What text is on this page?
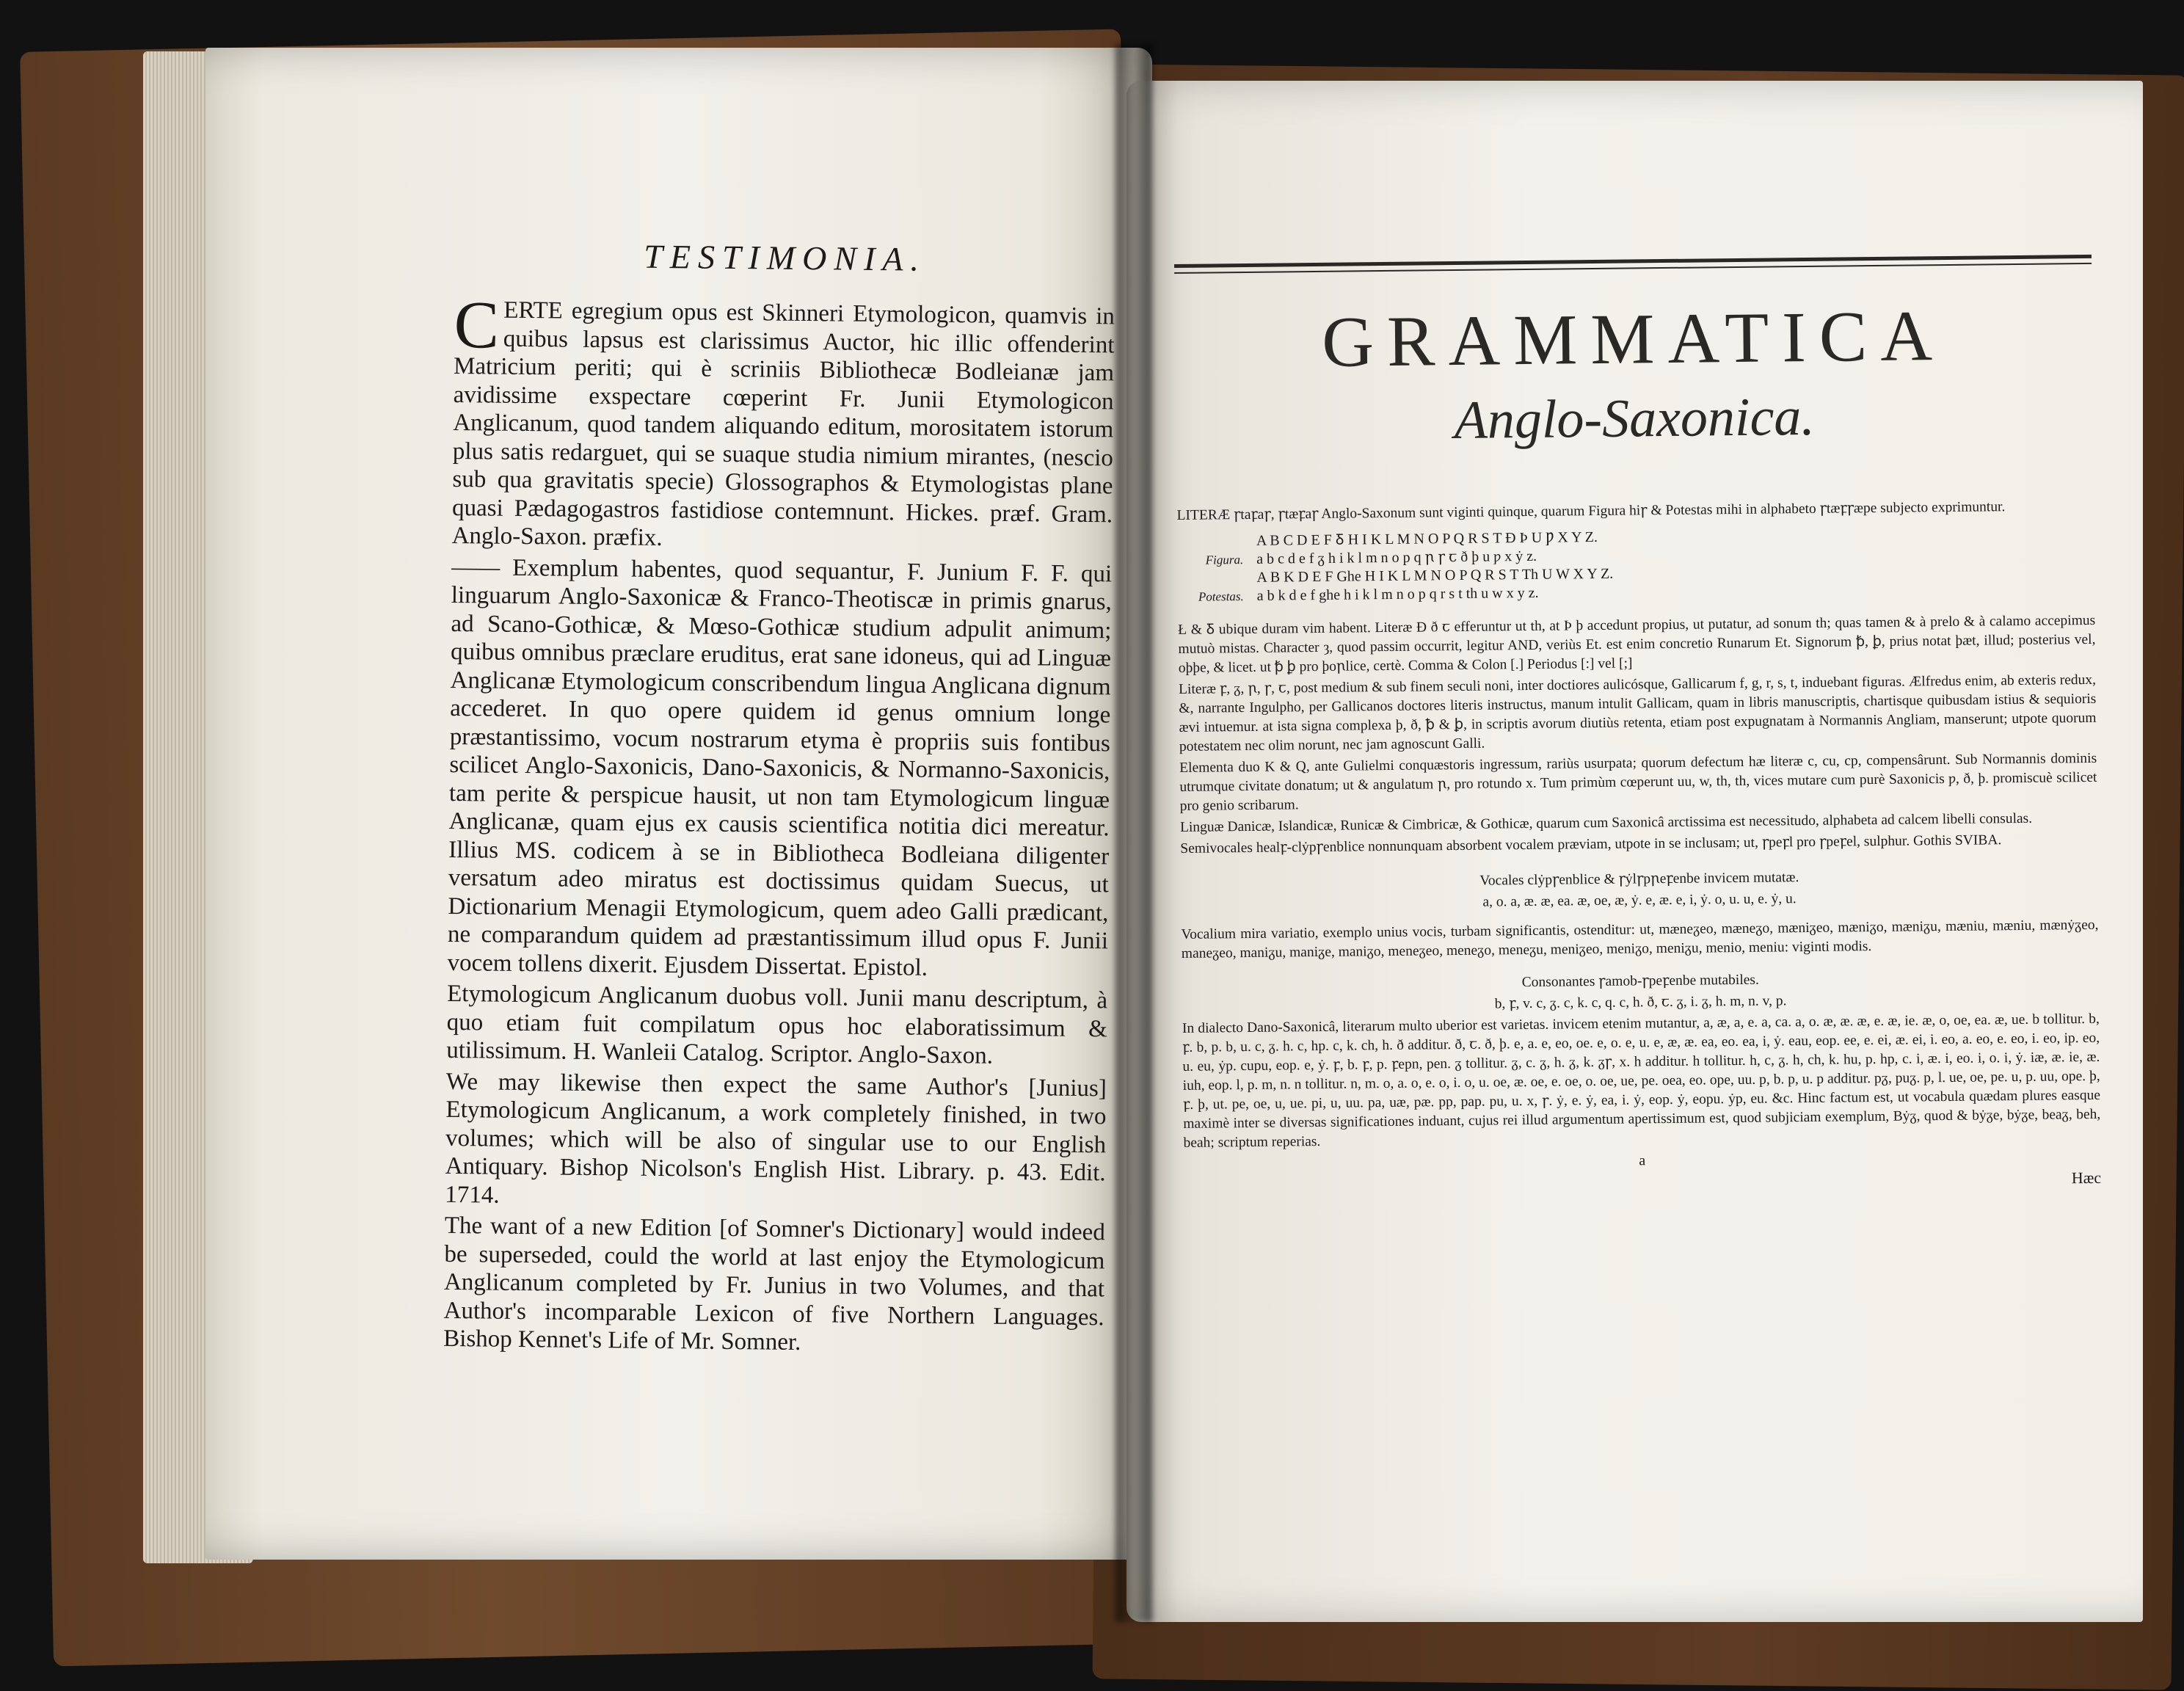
TESTIMONIA.

CERTE egregium opus est Skinneri Etymologicon, quamvis in quibus lapsus est clarissimus Auctor, hic illic offenderint Matricium periti; qui è scriniis Bibliothecæ Bodleianæ jam avidissime exspectare cœperint Fr. Junii Etymologicon Anglicanum, quod tandem aliquando editum, morositatem istorum plus satis redarguet, qui se suaque studia nimium mirantes, (nescio sub qua gravitatis specie) Glossographos & Etymologistas plane quasi Pædagogastros fastidiose contemnunt. Hickes. præf. Gram. Anglo-Saxon. præfix.

—— Exemplum habentes, quod sequantur, F. Junium F. F. qui linguarum Anglo-Saxonicæ & Franco-Theotiscæ in primis gnarus, ad Scano-Gothicæ, & Mœso-Gothicæ studium adpulit animum; quibus omnibus præclare eruditus, erat sane idoneus, qui ad Linguæ Anglicanæ Etymologicum conscribendum lingua Anglicana dignum accederet. In quo opere quidem id genus omnium longe præstantissimo, vocum nostrarum etyma è propriis suis fontibus scilicet Anglo-Saxonicis, Dano-Saxonicis, & Normanno-Saxonicis, tam perite & perspicue hausit, ut non tam Etymologicum linguæ Anglicanæ, quam ejus ex causis scientifica notitia dici mereatur. Illius MS. codicem à se in Bibliotheca Bodleiana diligenter versatum adeo miratus est doctissimus quidam Suecus, ut Dictionarium Menagii Etymologicum, quem adeo Galli prædicant, ne comparandum quidem ad præstantissimum illud opus F. Junii vocem tollens dixerit. Ejusdem Dissertat. Epistol.

Etymologicum Anglicanum duobus voll. Junii manu descriptum, à quo etiam fuit compilatum opus hoc elaboratissimum & utilissimum. H. Wanleii Catalog. Scriptor. Anglo-Saxon.

We may likewise then expect the same Author's [Junius] Etymologicum Anglicanum, a work completely finished, in two volumes; which will be also of singular use to our English Antiquary. Bishop Nicolson's English Hist. Library. p. 43. Edit. 1714.

The want of a new Edition [of Somner's Dictionary] would indeed be superseded, could the world at last enjoy the Etymologicum Anglicanum completed by Fr. Junius in two Volumes, and that Author's incomparable Lexicon of five Northern Languages. Bishop Kennet's Life of Mr. Somner.

GRAMMATICA
Anglo-Saxonica.

LITERÆ ꞅtaꝼaꞅ, ꞅtæꝼaꞅ Anglo-Saxonum sunt viginti quinque, quarum Figura hiꞅ & Potestas mihi in alphabeto ꞅtæꝼꞅæpe subjecto exprimuntur.

A B C D E F Ᵹ H I K L M N O P Q R S T Ð Þ U Ƿ X Y Z.
Figura. a b c d e f ᵹ h i k l m n o p q ꞃ ꞅ ꞇ ð þ u ƿ x ẏ z.
A B K D E F Ghe H I K L M N O P Q R S T Th U W X Y Z.
Potestas. a b k d e f ghe h i k l m n o p q r s t th u w x y z.

Ł & Ᵹ ubique duram vim habent. Literæ Ð ð ꞇ efferuntur ut th, at Þ þ accedunt propius, ut putatur, ad sonum th; quas tamen & à prelo & à calamo accepimus mutuò mistas. Character ȝ, quod passim occurrit, legitur AND, veriùs Et. est enim concretio Runarum Et. Signorum ꝥ, ꝧ, prius notat þæt, illud; posterius vel, oþþe, & licet. ut ꝥ ꝧ pro þoꞃlice, certè. Comma & Colon [.] Periodus [:] vel [;]

Literæ ꝼ, ᵹ, ꞃ, ꞅ, ꞇ, post medium & sub finem seculi noni, inter doctiores aulicósque, Gallicarum f, g, r, s, t, induebant figuras. Ælfredus enim, ab exteris redux, &, narrante Ingulpho, per Gallicanos doctores literis instructus, manum intulit Gallicam, quam in libris manuscriptis, chartisque quibusdam istius & sequioris ævi intuemur. at ista signa complexa þ, ð, ꝥ & ꝧ, in scriptis avorum diutiùs retenta, etiam post expugnatam à Normannis Angliam, manserunt; utpote quorum potestatem nec olim norunt, nec jam agnoscunt Galli.

Elementa duo K & Q, ante Gulielmi conquæstoris ingressum, rariùs usurpata; quorum defectum hæ literæ c, cu, cp, compensârunt. Sub Normannis dominis utrumque civitate donatum; ut & angulatum ꞃ, pro rotundo x. Tum primùm cœperunt uu, w, th, th, vices mutare cum purè Saxonicis ƿ, ð, þ. promiscuè scilicet pro genio scribarum.

Linguæ Danicæ, Islandicæ, Runicæ & Cimbricæ, & Gothicæ, quarum cum Saxonicâ arctissima est necessitudo, alphabeta ad calcem libelli consulas.

Semivocales healꝼ-clẏpꞅenblice nonnunquam absorbent vocalem præviam, utpote in se inclusam; ut, ꞅpeꝼl pro ꞅpeꝼel, sulphur. Gothis SVIBA.

Vocales clẏpꞅenblice & ꞅẏlꞅpꞃeꝼenbe invicem mutatæ.

a, o. a, æ. æ, ea. æ, oe, æ, ẏ. e, æ. e, i, ẏ. o, u. u, e. ẏ, u.

Vocalium mira variatio, exemplo unius vocis, turbam significantis, ostenditur: ut, mæneᵹeo, mæneᵹo, mæniᵹeo, mæniᵹo, mæniᵹu, mæniu, mæniu, mænẏᵹeo, maneᵹeo, maniᵹu, maniᵹe, maniᵹo, meneᵹeo, meneᵹo, meneᵹu, meniᵹeo, meniᵹo, meniᵹu, menio, meniu: viginti modis.

Consonantes ꞅamob-ꞅpeꝼenbe mutabiles.

b, ꝼ, v. c, ᵹ. c, k. c, q. c, h. ð, ꞇ. ᵹ, i. ᵹ, h. m, n. v, p.

In dialecto Dano-Saxonicâ, literarum multo uberior est varietas. invicem etenim mutantur, a, æ, a, e. a, ca. a, o. æ, æ. æ, e. æ, ie. æ, o, oe, ea. æ, ue. b tollitur. b, ꝼ. b, p. b, u. c, ᵹ. h. c, hp. c, k. ch, h. ð additur. ð, ꞇ. ð, þ. e, a. e, eo, oe. e, o. e, u. e, æ, æ. ea, eo. ea, i, ẏ. eau, eop. ee, e. ei, æ. ei, i. eo, a. eo, e. eo, i. eo, ip. eo, u. eu, ẏp. cupu, eop. e, ẏ. ꝼ, b. ꝼ, p. ꝼepn, pen. ᵹ tollitur. ᵹ, c. ᵹ, h. ᵹ, k. ᵹꞅ, x. h additur. h tollitur. h, c, ᵹ. h, ch, k. hu, p. hp, c. i, æ. i, eo. i, o. i, ẏ. iæ, æ. ie, æ. iuh, eop. l, p. m, n. n tollitur. n, m. o, a. o, e. o, i. o, u. oe, æ. oe, e. oe, o. oe, ue, pe. oea, eo. ope, uu. p, b. p, u. p additur. pᵹ, puᵹ. p, l. ue, oe, pe. u, p. uu, ope. þ, ꝼ. þ, ut. pe, oe, u, ue. pi, u, uu. pa, uæ, pæ. pp, pap. pu, u. x, ꞅ. ẏ, e. ẏ, ea, i. ẏ, eop. ẏ, eopu. ẏp, eu. &c. Hinc factum est, ut vocabula quædam plures easque maximè inter se diversas significationes induant, cujus rei illud argumentum apertissimum est, quod subjiciam exemplum, Bẏᵹ, quod & bẏᵹe, bẏᵹe, beaᵹ, beh, beah; scriptum reperias.

a
Hæc
